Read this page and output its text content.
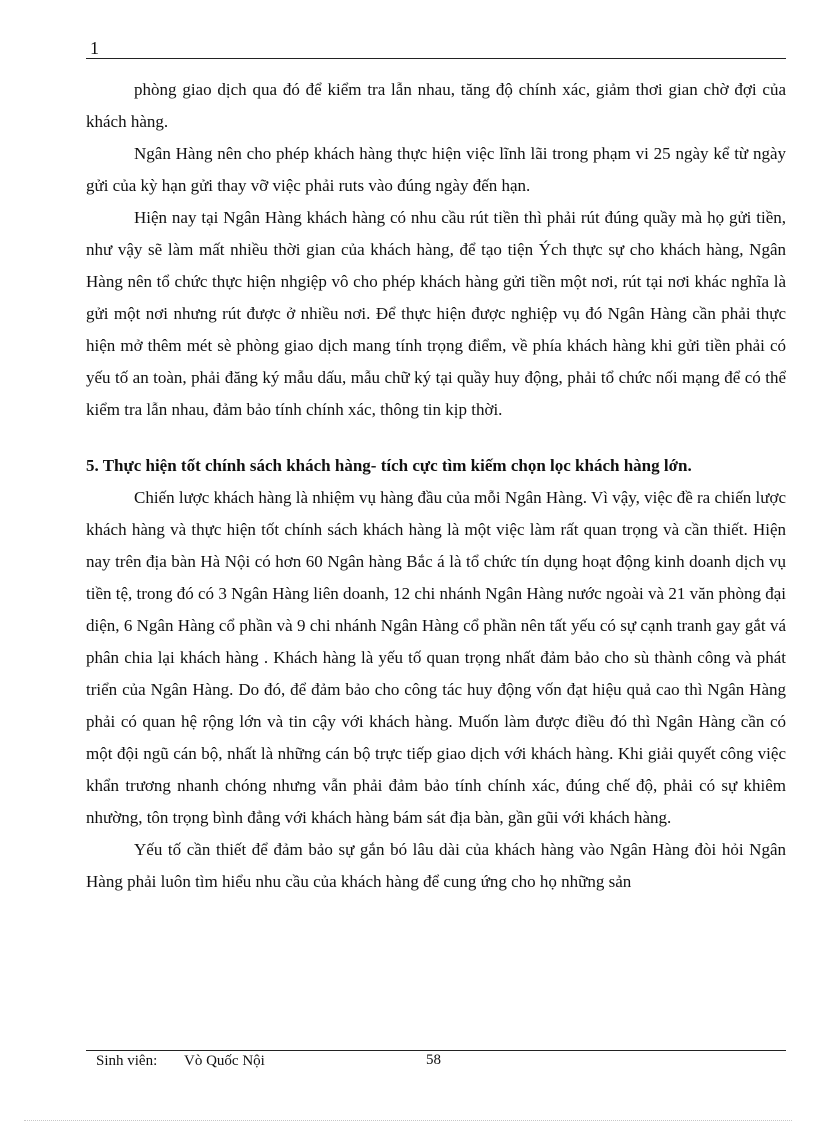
1

phòng giao dịch qua đó để kiểm tra lẫn nhau, tăng độ chính xác, giảm thơi gian chờ đợi của khách hàng.

Ngân Hàng nên cho phép khách hàng thực hiện việc lĩnh lãi trong phạm vi 25 ngày kể từ ngày gửi của kỳ hạn gửi thay vỡ việc phải ruts vào đúng ngày đến hạn.

Hiện nay tại Ngân Hàng khách hàng có nhu cầu rút tiền thì phải rút đúng quầy mà họ gửi tiền, như vậy sẽ làm mất nhiều thời gian của khách hàng, để tạo tiện Ých thực sự cho khách hàng, Ngân Hàng nên tổ chức thực hiện nhgiệp vô cho phép khách hàng gửi tiền một nơi, rút tại nơi khác nghĩa là gửi một nơi nhưng rút được ở nhiều nơi. Để thực hiện được nghiệp vụ đó Ngân Hàng cần phải thực hiện mở thêm mét sè phòng giao dịch mang tính trọng điểm, về phía khách hàng khi gửi tiền phải có yếu tố an toàn, phải đăng ký mẫu dấu, mẫu chữ ký tại quầy huy động, phải tổ chức nối mạng để có thể kiểm tra lẫn nhau, đảm bảo tính chính xác, thông tin kịp thời.

5. Thực hiện tốt chính sách khách hàng- tích cực tìm kiếm chọn lọc khách hàng lớn.

Chiến lược khách hàng là nhiệm vụ hàng đầu của mỗi Ngân Hàng. Vì vậy, việc đề ra chiến lược khách hàng và thực hiện tốt chính sách khách hàng là một việc làm rất quan trọng và cần thiết. Hiện nay trên địa bàn Hà Nội có hơn 60 Ngân hàng Bắc á là tổ chức tín dụng hoạt động kinh doanh dịch vụ tiền tệ, trong đó có 3 Ngân Hàng liên doanh, 12 chi nhánh Ngân Hàng nước ngoài và 21 văn phòng đại diện, 6 Ngân Hàng cổ phần và 9 chi nhánh Ngân Hàng cổ phần nên tất yếu có sự cạnh tranh gay gắt vá phân chia lại khách hàng . Khách hàng là yếu tố quan trọng nhất đảm bảo cho sù thành công và phát triển của Ngân Hàng. Do đó, để đảm bảo cho công tác huy động vốn đạt hiệu quả cao thì Ngân Hàng phải có quan hệ rộng lớn và tin cậy với khách hàng. Muốn làm được điều đó thì Ngân Hàng cần có một đội ngũ cán bộ, nhất là những cán bộ trực tiếp giao dịch với khách hàng. Khi giải quyết công việc khẩn trương nhanh chóng nhưng vẫn phải đảm bảo tính chính xác, đúng chế độ, phải có sự khiêm nhường, tôn trọng bình đẳng với khách hàng bám sát địa bàn, gần gũi với khách hàng.

Yếu tố cần thiết để đảm bảo sự gắn bó lâu dài của khách hàng vào Ngân Hàng đòi hỏi Ngân Hàng phải luôn tìm hiểu nhu cầu của khách hàng để cung ứng cho họ những sản

Sinh viên: Vò Quốc Nội	58
